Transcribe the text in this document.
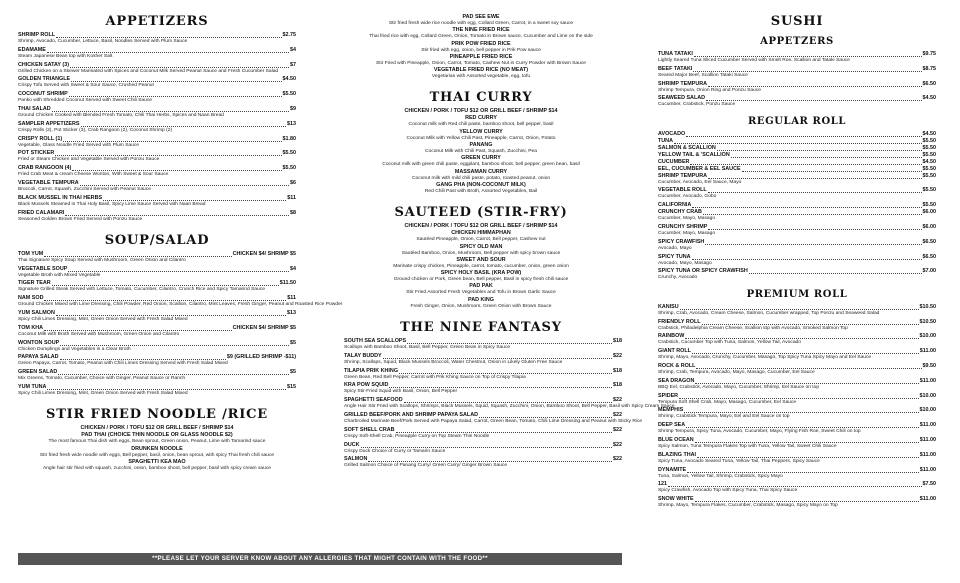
APPETIZERS
SHRIMP ROLL	$2.75
Shrimp, Avocado, Cucumber, Lettuce, Basil, Noodles Served with Plum Sauce
EDAMAME	$4
Steam Japanese Bean top with Kosher Salt
CHICKEN SATAY (3)	$7
Grilled Chicken on a Skewer Marinated with Spices and Coconut Milk Served Peanut Sauce and Fresh Cucumber Salad
GOLDEN TRIANGLE	$4.50
Crispy Tofu Served with Sweet & Sour Sauce, Crushed Peanut
COCONUT SHRIMP	$5.50
Panko with Shredded Coconut Served with Sweet Chili Sauce
THAI SALAD	$9
Ground Chicken Cooked with Blended Fresh Tomato, Chili Thai Herbs, Spices and Naan Bread
SAMPLER APPETIZERS	$13
Crispy Rolls (2), Pot Sticker (3), Crab Rangoon (2), Coconut Shrimp (2)
CRISPY ROLL (1)	$1.80
Vegetable, Glass Noodle Fried Served with Plum Sauce
POT STICKER	$5.50
Fried or Steam Chicken and Vegetable Served with Ponzu Sauce
CRAB RANGOON (4)	$5.50
Fried Crab Meat & cream Cheese Wonton, With Sweet & Sour Sauce
VEGETABLE TEMPURA	$6
Broccoli, Carrot, Squash, Zucchini Served with Peanut Sauce
BLACK MUSSEL IN THAI HERBS	$11
Black Mussels Steamed in Thai Holy Basil, Spicy Lime Sauce Served with Naan Bread
FRIED CALAMARI	$8
Seasoned Golden Brown Fried Served with Ponzu Sauce
SOUP/SALAD
TOM YUM	CHICKEN $4/ SHRIMP $5
Thai Signature Spicy Soup Served with Mushroom, Green Onion and Cilantro
VEGETABLE SOUP	$4
Vegetable Broth with Mixed Vegetable
TIGER TEAR	$11.50
Signature Grilled Steak Served with Lettuce, Tomato, Cucumber, Cilantro, Crunch Rice and Spicy Tamarind Sauce
NAM SOD	$11
Ground Chicken Mixed with Lime Dressing, Chili Powder, Red Onion, Scallion, Cilantro, Mint Leaves, Fresh Ginger, Peanut and Roasted Rice Powder
YUM SALMON	$13
Spicy Chili Limes Dressing, Mint, Green Onion Served with Fresh Salad Mixed
TOM KHA	CHICKEN $4/ SHRIMP $5
Coconut Milk with Broth Served with Mushroom, Green Onion and Cilantro
WONTON SOUP	$5
Chicken Dumplings and Vegetables in a Clear Broth
PAPAYA SALAD	$9 (GRILLED SHRIMP -$11)
Green Papaya, Carrot, Tomato, Peanut with Chili Limes Dressing Served with Fresh Salad Mixed
GREEN SALAD	$5
Mix Greens, Tomato, Cucumber, Choice with Ginger, Peanut Sauce or Ranch
YUM TUNA	$15
Spicy Chili Limes Dressing, Mint, Green Onion Served with Fresh Salad Mixed
STIR FRIED NOODLE /RICE
CHICKEN / PORK / TOFU $12 OR GRILL BEEF / SHRIMP $14
PAD THAI (CHOICE THIN NOODLE OR GLASS NOODLE $2)
The most famous Thai dish with eggs, Bean sprout, Green onion, Peanut, Lime with Tamarind sauce
DRUNKEN NOODLE
Stir fried fresh wide noodle with eggs, Bell pepper, basil, onion, bean sprout, with spicy Thai fresh chili sauce
SPAGHETTI KEA MAO
Angle hair stir fried with squash, zucchini, onion, bamboo shoot, bell pepper, basil with spicy cream sauce
PAD SEE EWE
Stir fried fresh wide rice noodle with egg, Collard Green, Carrot, in a sweet soy sauce
THE NINE FRIED RICE
Thai fried rice with egg, Collard Green, Onion, Tomato in Brown sauce, Cucumber and Lime on the side
PRIK POW FRIED RICE
Stir fried with egg, onion, bell pepper in Prik Pow sauce
PINEAPPLE FRIED RICE
Stir Fried with Pineapple, Onion, Carrot, Tomato, Cashew Nut in Curry Powder with Brown Sauce
VEGETABLE FRIED RICE (NO MEAT)
Vegetarian with Assorted vegetable, egg, tofu
THAI CURRY
CHICKEN / PORK / TOFU $12 OR GRILL BEEF / SHRIMP $14
RED CURRY
Coconut milk with Red chili paste, bamboo shoot, bell pepper, basil
YELLOW CURRY
Coconut Milk with Yellow Chili Past, Pineapple, Carrot, Onion, Potato
PANANG
Coconut Milk with Chili Past, Squash, Zucchini, Pea
GREEN CURRY
Coconut milk with green chili paste, eggplant, bamboo shoot, bell pepper, green bean, basil
MASSAMAN CURRY
Coconut milk with mild chili paste, potato, roasted peanut, onion
GANG PHA (NON-COCONUT MILK)
Red Chili Past with Broth, Assorted Vegetables, Bail
SAUTEED (STIR-FRY)
CHICKEN / PORK / TOFU $12 OR GRILL BEEF / SHRIMP $14
CHICKEN HIMMAPHAN
Sautéed Pineapple, Onion, Carrot, Bell pepper, Cashew nut
SPICY OLD MAN
Sautéed Bamboo, Onion, Mushroom, Bell pepper with spicy brown sauce
SWEET AND SOUR
Marinate crispy chicken, Pineapple, carrot, tomato, cucumber, onion, green onion
SPICY HOLY BASIL (KRA POW)
Ground chicken or Pork, Green bean, Bell pepper, Basil in spicy fresh chili sauce
PAD PAK
Stir Fried Assorted Fresh Vegetables and Tofu in Brown Garlic Sauce
PAD KING
Fresh Ginger, Onion, Mushroom, Green Onion with Brown Sauce
THE NINE FANTASY
SOUTH SEA SCALLOPS	$18
Scallops with Bamboo Shoot, Basil, Bell Pepper, Green Bean in Spicy Sauce
TALAY BUDDY	$22
Shrimp, Scallops, Squid, Black Mussels Broccoli, Water Chestnut, Onion in Likely Gluten Free Sauce
TILAPIA PRIK KHING	$18
Green Bean, Red Bell Pepper, Carrot with Prik Khing Sauce on Top of Crispy Tilapia
KRA POW SQUID	$18
Spicy Stir-Fried Squid with Basil, Onion, Bell Pepper
SPAGHETTI SEAFOOD	$22
Angle Hair Stir Fried with Scallops, Shrimps, Black Mussels, Squid, Squash, Zucchini, Onion, Bamboo Shoot, Bell Pepper, Basil with Spicy Cream Sauce
GRILLED BEEF/PORK AND SHRIMP PAPAYA SALAD	$22
Charbroiled Marinate Beef/Pork Served with Papaya Salad, Carrot, Green Bean, Tomato, Chili Lime Dressing and Peanut with Sticky Rice
SOFT SHELL CRAB	$22
Crispy Soft-Shell Crab, Pineapple Curry on Top Steam Thin Noodle
DUCK	$22
Crispy Duck Choice of Curry or Tamarin Sauce
SALMON	$22
Grilled Salmon Choice of Panang Curry/ Green Curry/ Ginger Brown Sauce
SUSHI
APPETZERS
TUNA TATAKI	$9.75
Lightly Seared Tuna Sliced Cucumber Served with Smelt Roe, Scallion and Tataki Sauce
BEEF TATAKI	$8.75
Seared Major Beef, Scallion Tataki Sauce
SHRIMP TEMPURA	$6.50
Shrimp Tempura, Onion Ring and Ponzu Sauce
SEAWEED SALAD	$4.50
Cucumber, Crabstick, Ponzu Sauce
REGULAR ROLL
AVOCADO	$4.50
TUNA	$5.50
SALMON & SCALLION	$5.50
YELLOW TAIL & 'SCALLION	$5.50
CUCUMBER	$4.50
EEL, CUCUMBER & EEL SAUCE	$5.50
SHRIMP TEMPURA	$5.50
Cucumber, Avocado, Eel Sauce, Mayo
VEGETABLE ROLL	$5.50
Cucumber, Avocado, Gobo
CALIFORNIA	$5.50
CRUNCHY CRAB	$6.00
Cucumber, Mayo, Masago
CRUNCHY SHRIMP	$6.00
Cucumber, Mayo, Masago
SPICY CRAWFISH	$6.50
Avocado, Mayo
SPICY TUNA	$6.50
Avocado, Mayo, Masago
SPICY TUNA OR SPICY CRAWFISH	$7.00
Crunchy, Avocado
PREMIUM ROLL
KANISU	$10.50
Shrimp, Crab, Avocado, Cream Cheese, Salmon, Cucumber wrapped, Top Ponzu and Seaweed Salad
FRIENDLY ROLL	$10.50
Crabstick, Philadelphia Cream Cheese, Scallion top with Avocado, Smoked Salmon Top
RAINBOW	$10.00
Crabstick, Cucumber Top with Tuna, Salmon, Yellow Tail, Avocado
GIANT ROLL	$11.00
Shrimp, Mayo, Avocado, Crunchy, Cucumber, Masago, Top Spicy Tuna Spicy Mayo and Eel Sauce
ROCK & ROLL	$9.50
Shrimp, Crab, Tempura, Avocado, Mayo, Masago, Cucumber, Eel Sauce
SEA DRAGON	$11.00
BBQ Eel, Crabstick, Avocado, Mayo, Cucumber, Shrimp, Eel Sauce on top
SPIDER	$10.00
Tempura Soft Shell Crab, Mayo, Masago, Cucumber, Eel Sauce
MEMPHIS	$10.00
Shrimp, Crabstick Tempura, Mayo, Eel and Eel Sauce on top
DEEP SEA	$11.00
Shrimp Tempura, Spicy Tuna, Avocado, Cucumber, Mayo, Flying Fish Roe, Sweet Chili on top
BLUE OCEAN	$11.00
Spicy Salmon, Tuna Tempura Flakes Top with Tuna, Yellow Tail, Sweet Chili Sauce
BLAZING THAI	$11.00
Spicy Tuna, Avocado Seared Tuna, Yellow Tail, Thai Peppers, Spicy Sauce
DYNAMITE	$11.00
Tuna, Salmon, Yellow Tail, Shrimp, Crabstick, Spicy Mayo
121	$7.50
Spicy Crawfish, Avocado Top with Spicy Tuna, Thai Spicy Sauce
SNOW WHITE	$11.00
Shrimp, Mayo, Tempura Flakes, Cucumber, Crabstick, Masago, Spicy Mayo on Top
**PLEASE LET YOUR SERVER KNOW ABOUT ANY ALLERGIES THAT MIGHT CONTAIN WITH THE FOOD**
